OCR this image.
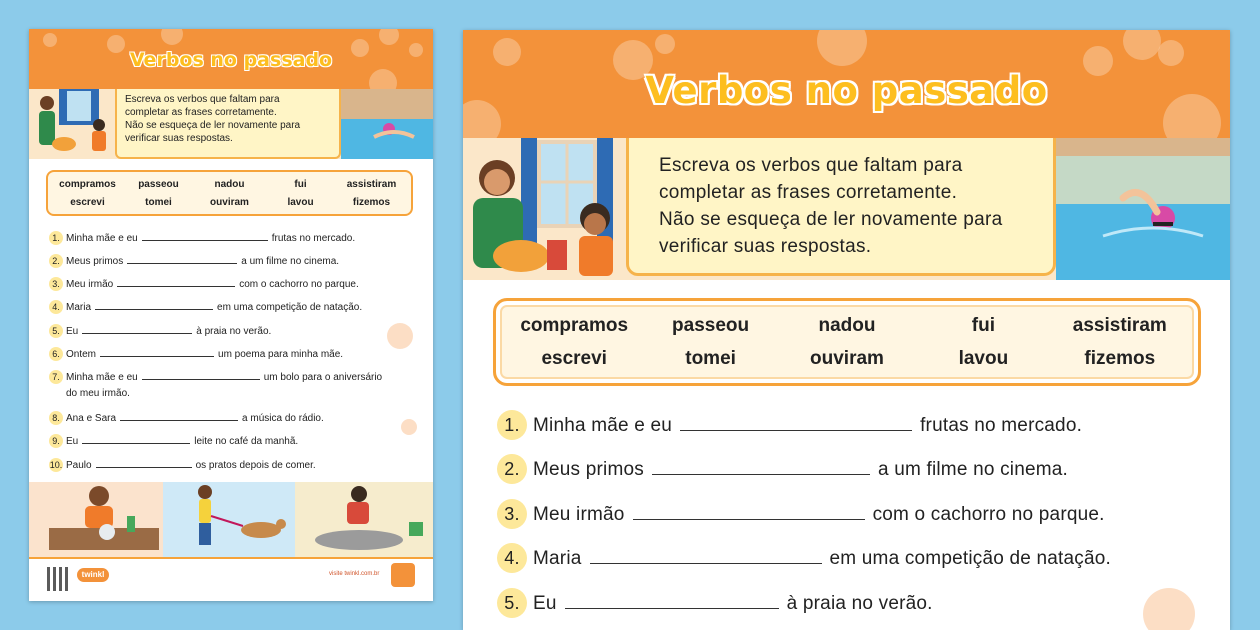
Verbos no passado
Escreva os verbos que faltam para
completar as frases corretamente.
Não se esqueça de ler novamente para
verificar suas respostas.
compramos	passeou	nadou	fui	assistiram
escrevi	tomei	ouviram	lavou	fizemos
1. Minha mãe e eu	frutas no mercado.
2. Meus primos	a um filme no cinema.
3. Meu irmão	com o cachorro no parque.
4. Maria	em uma competição de natação.
5. Eu	à praia no verão.
6. Ontem	um poema para minha mãe.
7. Minha mãe e eu	um bolo para o aniversário
do meu irmão.
8. Ana e Sara	a música do rádio.
9. Eu	leite no café da manhã.
10. Paulo	os pratos depois de comer.
twinkl	visite twinkl.com.br
Verbos no passado
Escreva os verbos que faltam para
completar as frases corretamente.
Não se esqueça de ler novamente para
verificar suas respostas.
compramos	passeou	nadou	fui	assistiram
escrevi	tomei	ouviram	lavou	fizemos
1. Minha mãe e eu	frutas no mercado.
2. Meus primos	a um filme no cinema.
3. Meu irmão	com o cachorro no parque.
4. Maria	em uma competição de natação.
5. Eu	à praia no verão.
